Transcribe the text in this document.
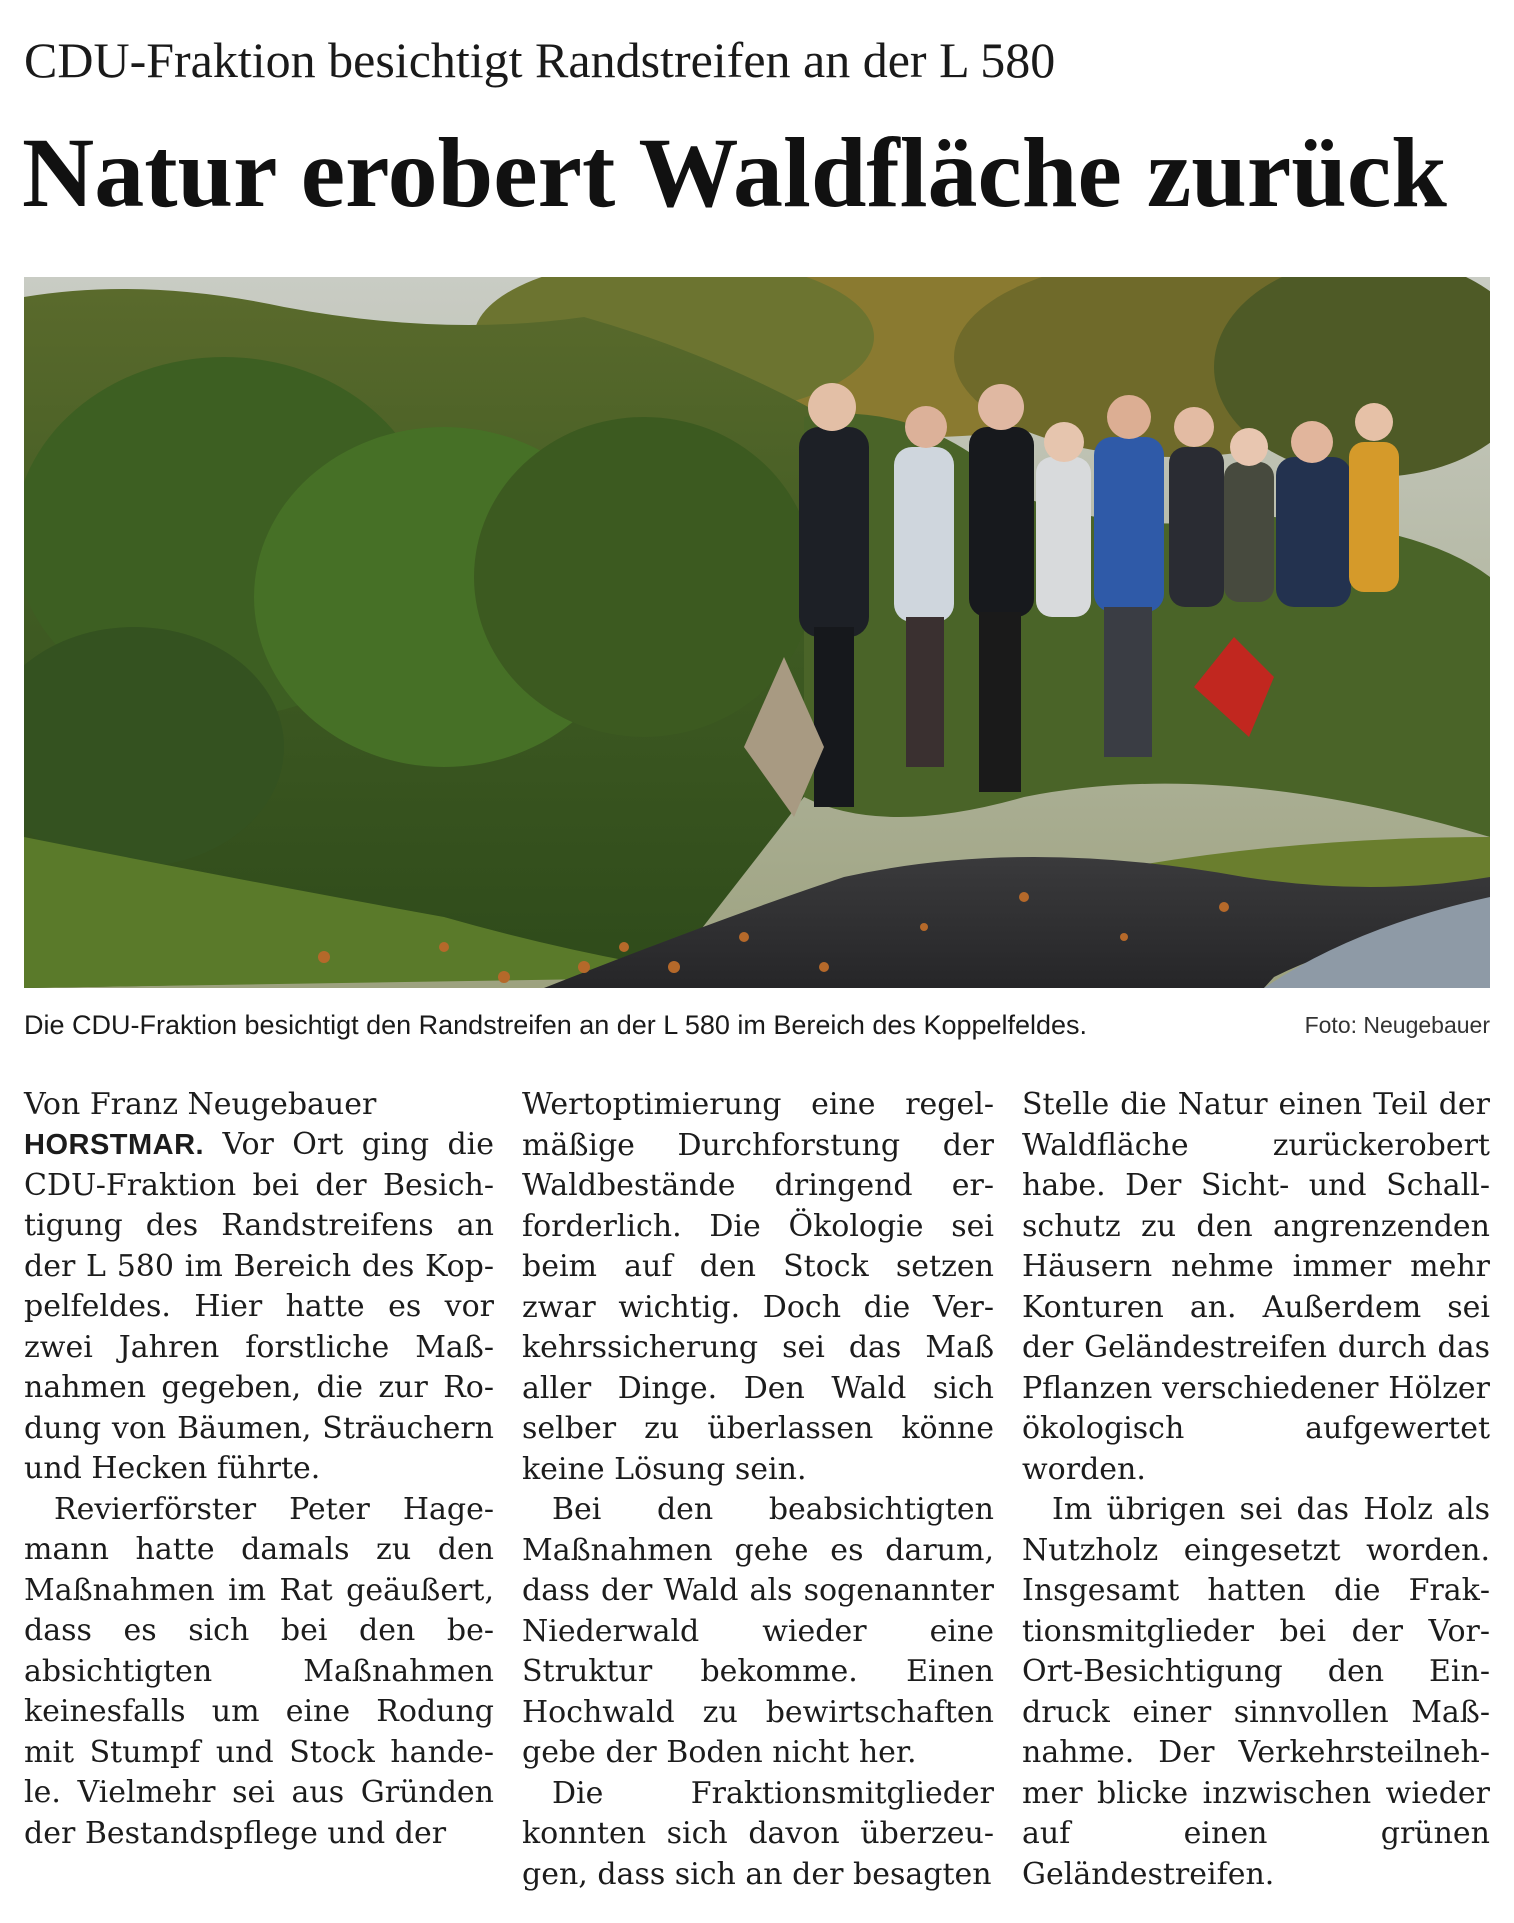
CDU-Fraktion besichtigt Randstreifen an der L 580
Natur erobert Waldfläche zurück
Die CDU-Fraktion besichtigt den Randstreifen an der L 580 im Bereich des Koppelfeldes.	Foto: Neugebauer

Von Franz Neugebauer

HORSTMAR. Vor Ort ging die CDU-Fraktion bei der Besichtigung des Randstreifens an der L 580 im Bereich des Koppelfeldes. Hier hatte es vor zwei Jahren forstliche Maßnahmen gegeben, die zur Rodung von Bäumen, Sträuchern und Hecken führte.

Revierförster Peter Hagemann hatte damals zu den Maßnahmen im Rat geäußert, dass es sich bei den beabsichtigten Maßnahmen keinesfalls um eine Rodung mit Stumpf und Stock handele. Vielmehr sei aus Gründen der Bestandspflege und der

Wertoptimierung eine regelmäßige Durchforstung der Waldbestände dringend erforderlich. Die Ökologie sei beim auf den Stock setzen zwar wichtig. Doch die Verkehrssicherung sei das Maß aller Dinge. Den Wald sich selber zu überlassen könne keine Lösung sein.

Bei den beabsichtigten Maßnahmen gehe es darum, dass der Wald als sogenannter Niederwald wieder eine Struktur bekomme. Einen Hochwald zu bewirtschaften gebe der Boden nicht her.

Die Fraktionsmitglieder konnten sich davon überzeugen, dass sich an der besagten

Stelle die Natur einen Teil der Waldfläche zurückerobert habe. Der Sicht- und Schallschutz zu den angrenzenden Häusern nehme immer mehr Konturen an. Außerdem sei der Geländestreifen durch das Pflanzen verschiedener Hölzer ökologisch aufgewertet worden.

Im übrigen sei das Holz als Nutzholz eingesetzt worden. Insgesamt hatten die Fraktionsmitglieder bei der Vor-Ort-Besichtigung den Eindruck einer sinnvollen Maßnahme. Der Verkehrsteilnehmer blicke inzwischen wieder auf einen grünen Geländestreifen.
